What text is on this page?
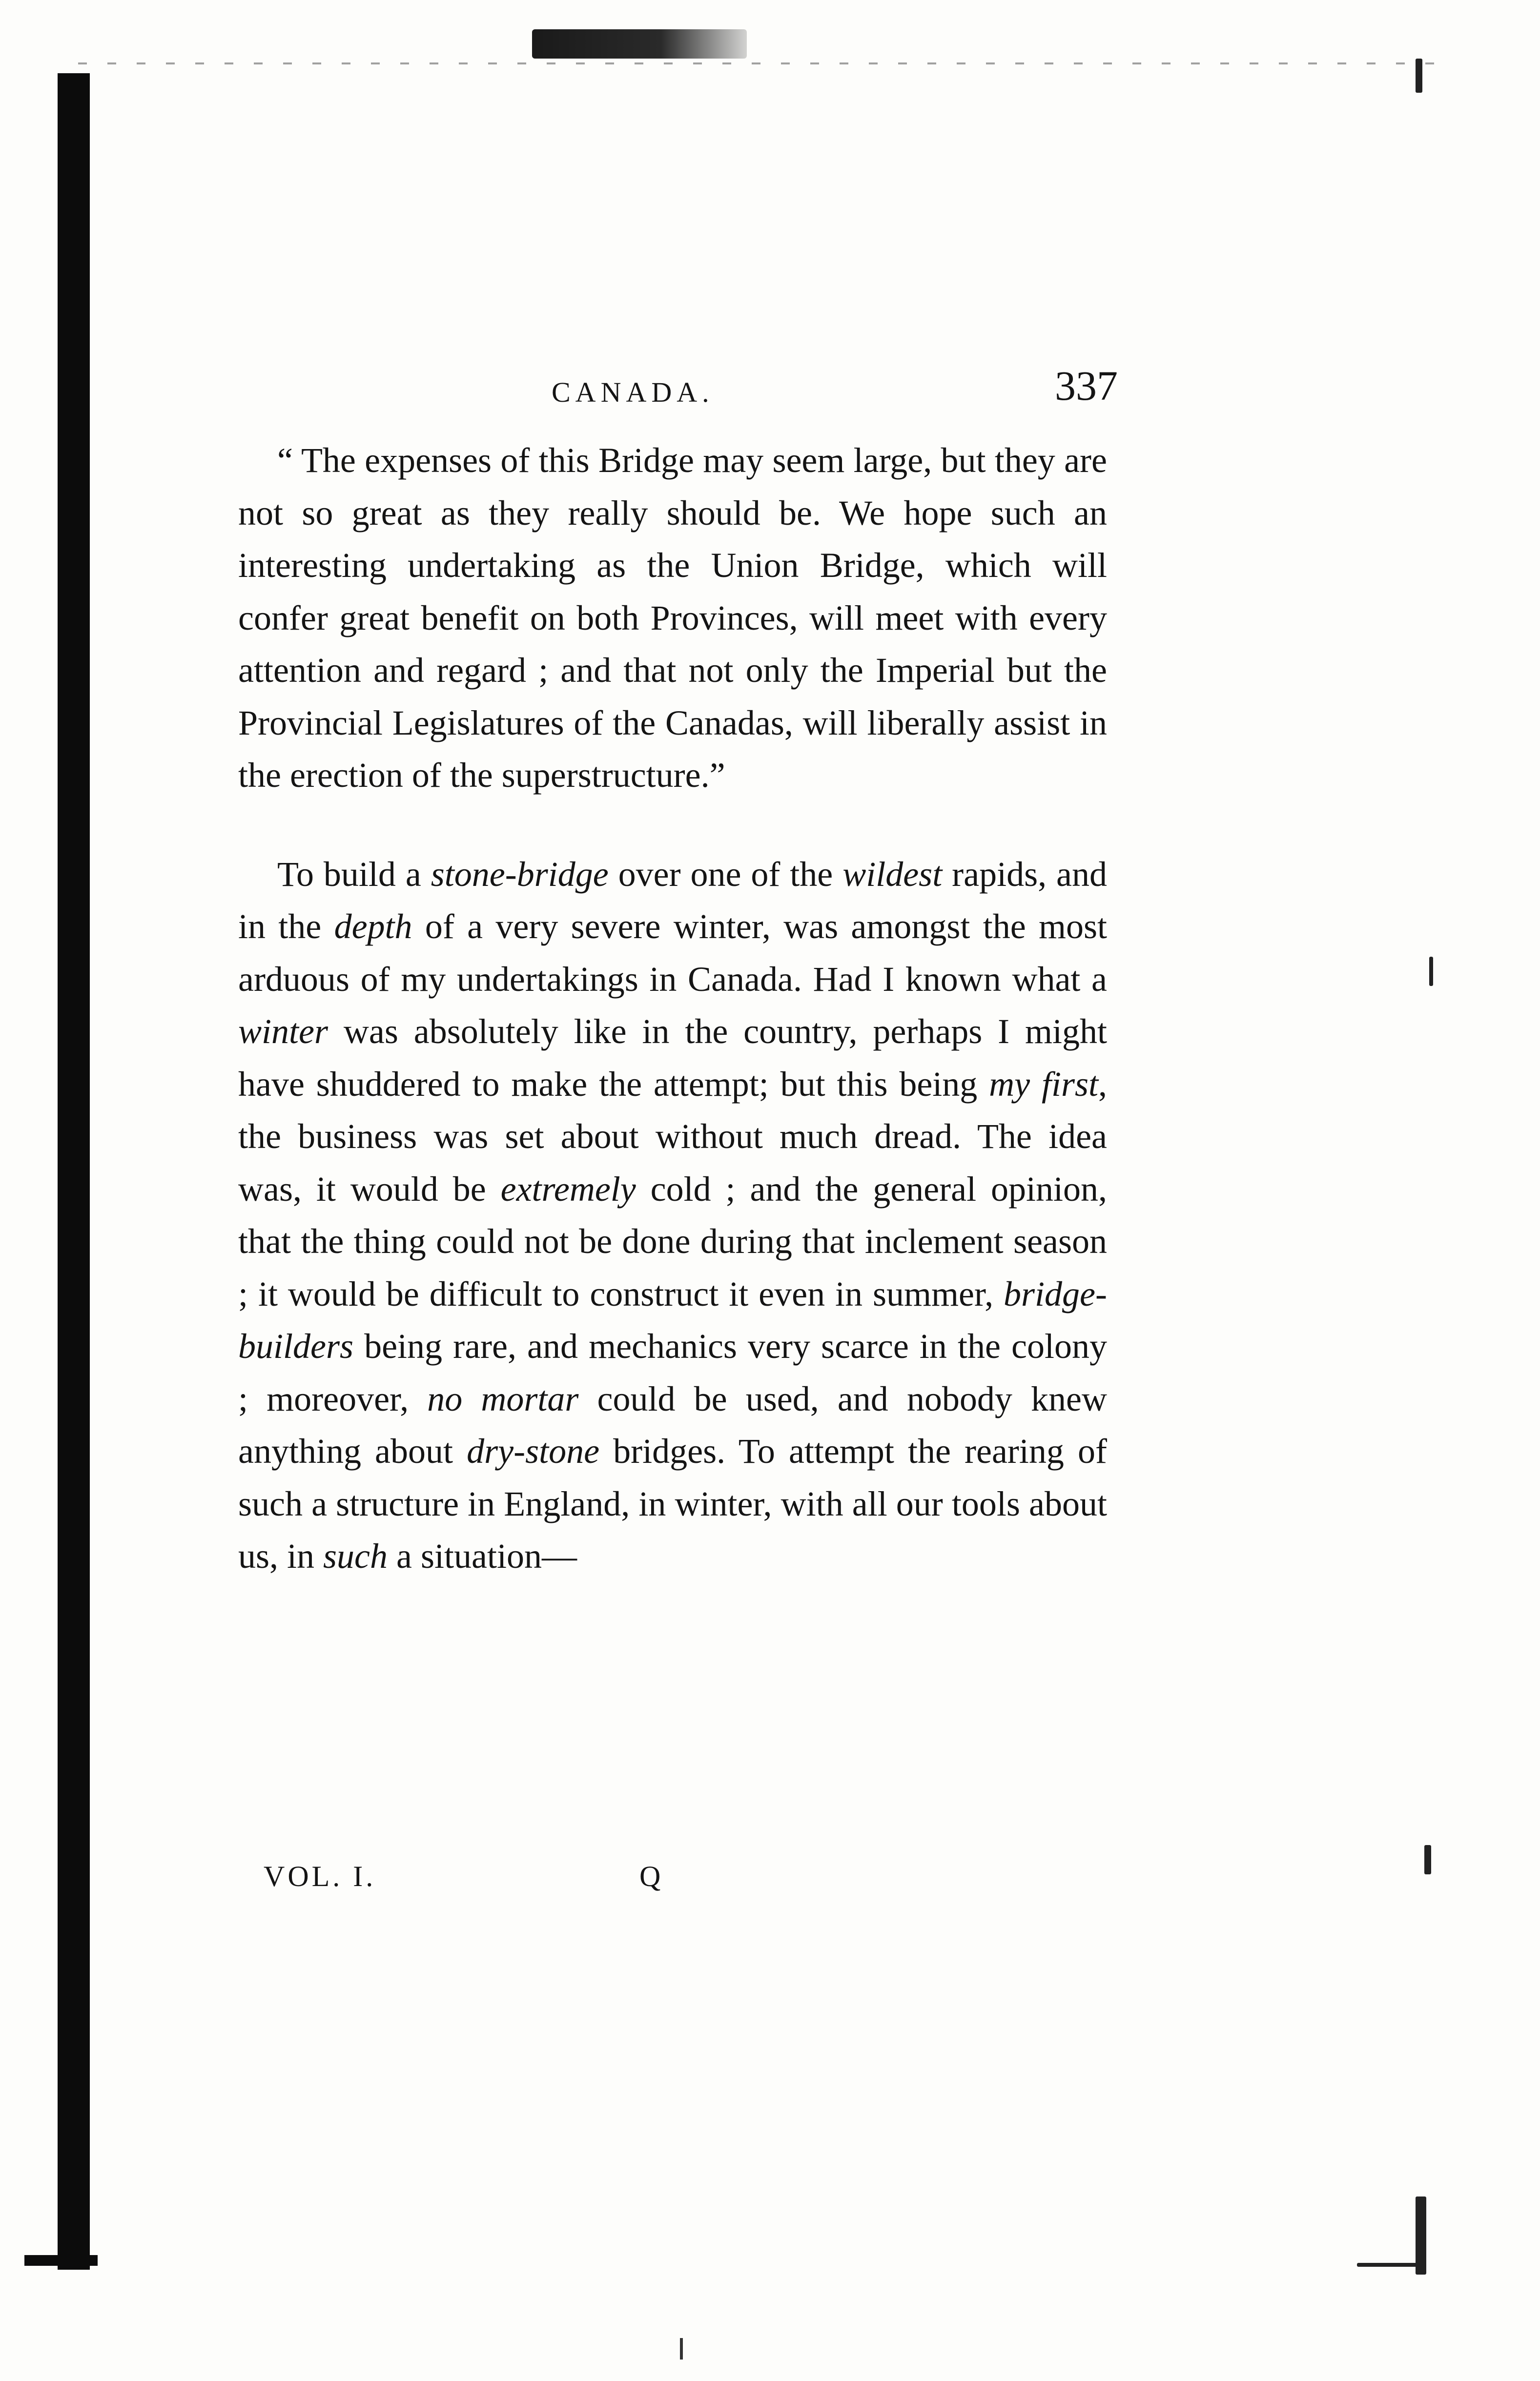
CANADA.	337

“ The expenses of this Bridge may seem large, but they are not so great as they really should be. We hope such an interesting undertaking as the Union Bridge, which will confer great benefit on both Provinces, will meet with every attention and regard ; and that not only the Imperial but the Provincial Legislatures of the Canadas, will liberally assist in the erection of the superstructure.”

To build a stone-bridge over one of the wildest rapids, and in the depth of a very severe winter, was amongst the most arduous of my undertakings in Canada. Had I known what a winter was absolutely like in the country, perhaps I might have shuddered to make the attempt; but this being my first, the business was set about without much dread. The idea was, it would be extremely cold ; and the general opinion, that the thing could not be done during that inclement season ; it would be difficult to construct it even in summer, bridge-builders being rare, and mechanics very scarce in the colony ; moreover, no mortar could be used, and nobody knew anything about dry-stone bridges. To attempt the rearing of such a structure in England, in winter, with all our tools about us, in such a situation—

VOL. I.	Q
